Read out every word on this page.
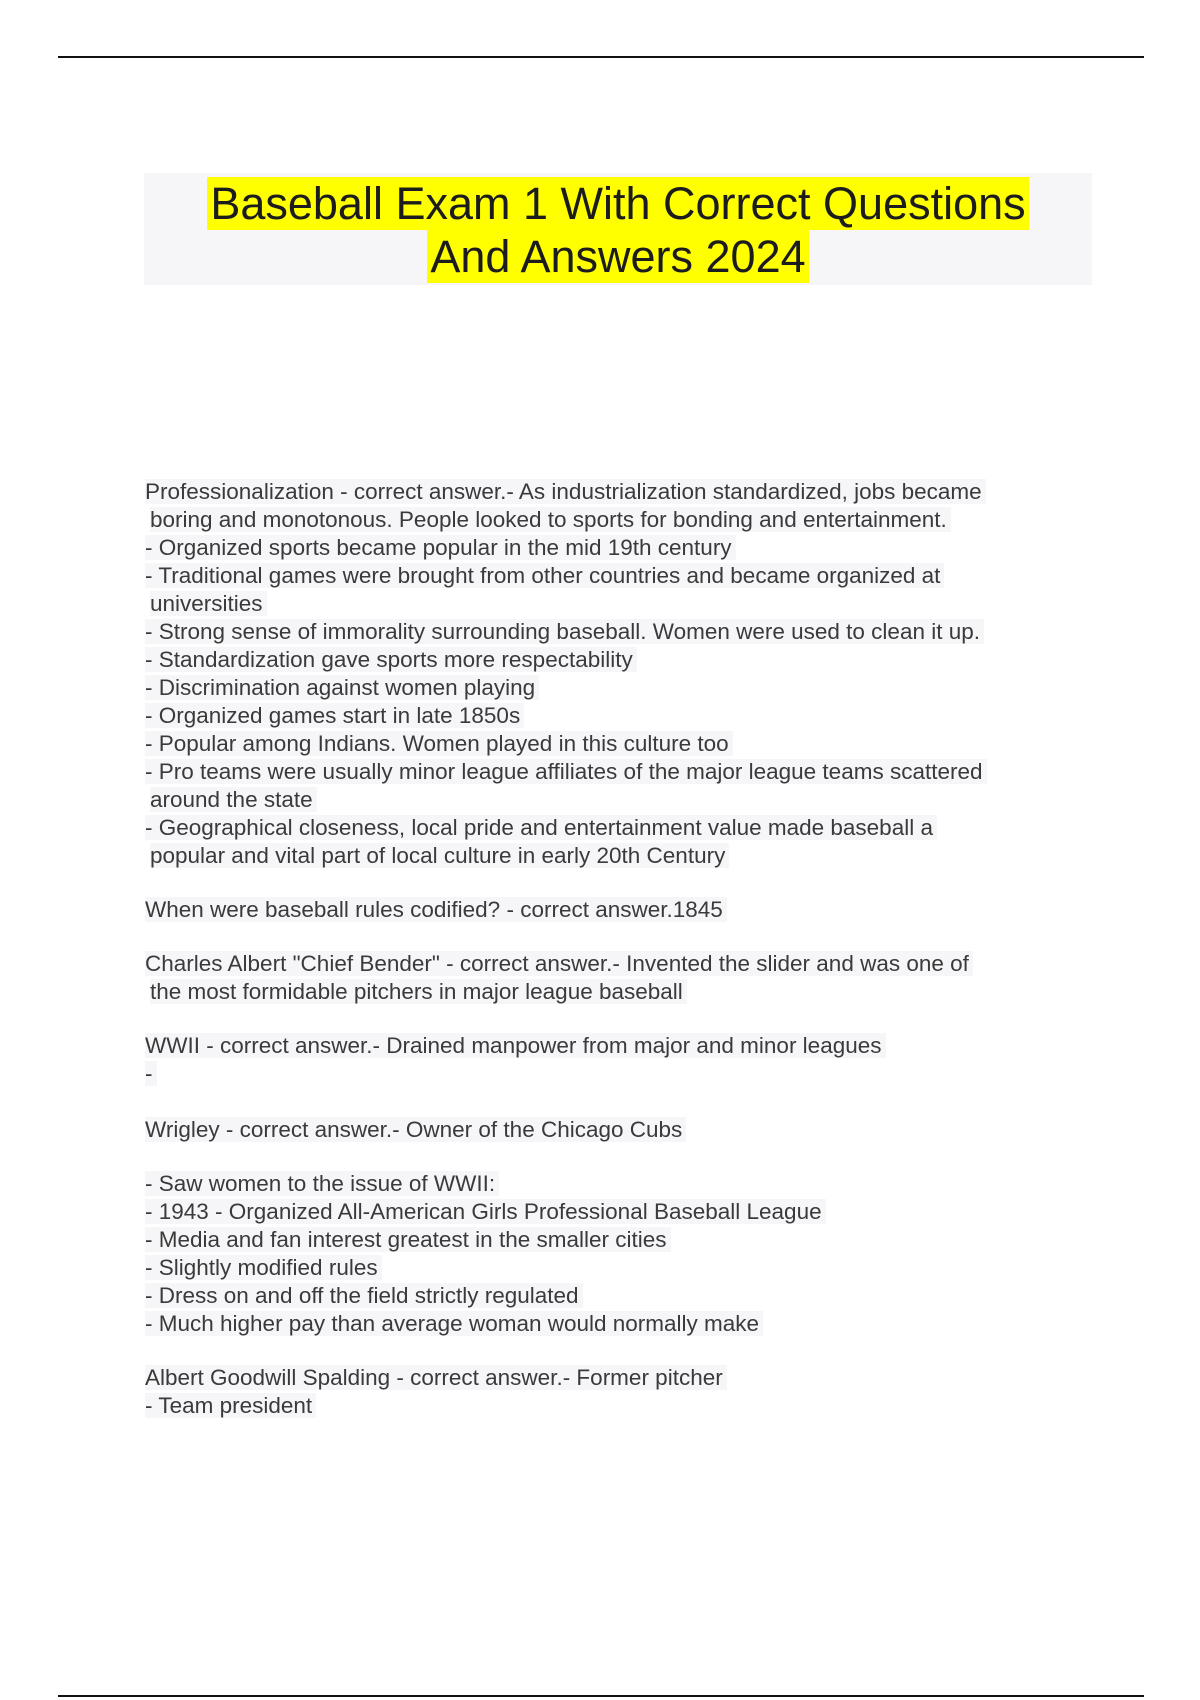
Baseball Exam 1 With Correct Questions
And Answers 2024
Professionalization - correct answer.- As industrialization standardized, jobs became
boring and monotonous. People looked to sports for bonding and entertainment.
- Organized sports became popular in the mid 19th century
- Traditional games were brought from other countries and became organized at
universities
- Strong sense of immorality surrounding baseball. Women were used to clean it up.
- Standardization gave sports more respectability
- Discrimination against women playing
- Organized games start in late 1850s
- Popular among Indians. Women played in this culture too
- Pro teams were usually minor league affiliates of the major league teams scattered
around the state
- Geographical closeness, local pride and entertainment value made baseball a
popular and vital part of local culture in early 20th Century
When were baseball rules codified? - correct answer.1845
Charles Albert "Chief Bender" - correct answer.- Invented the slider and was one of
the most formidable pitchers in major league baseball
WWII - correct answer.- Drained manpower from major and minor leagues
-
Wrigley - correct answer.- Owner of the Chicago Cubs
- Saw women to the issue of WWII:
- 1943 - Organized All-American Girls Professional Baseball League
- Media and fan interest greatest in the smaller cities
- Slightly modified rules
- Dress on and off the field strictly regulated
- Much higher pay than average woman would normally make
Albert Goodwill Spalding - correct answer.- Former pitcher
- Team president
